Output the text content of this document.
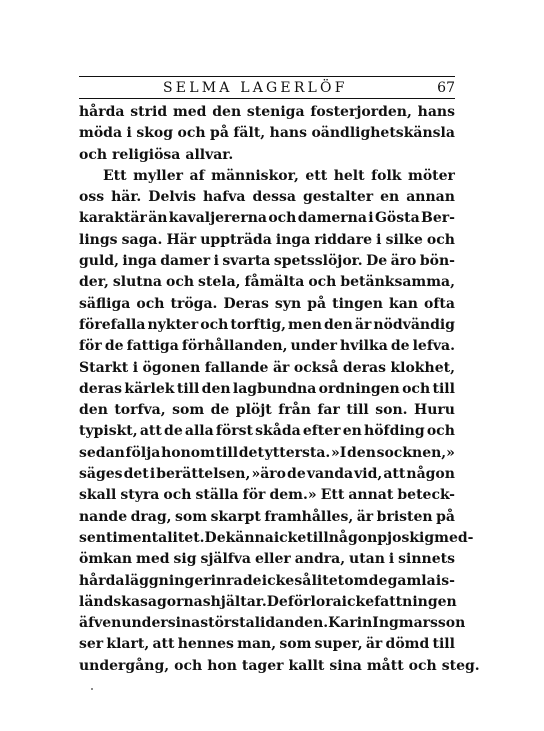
SELMA LAGERLÖF	67
hårda strid med den steniga fosterjorden, hans
möda i skog och på fält, hans oändlighetskänsla
och religiösa allvar.
Ett myller af människor, ett helt folk möter
oss här. Delvis hafva dessa gestalter en annan
karaktär än kavaljererna och damerna i Gösta Ber-
lings saga. Här uppträda inga riddare i silke och
guld, inga damer i svarta spetsslöjor. De äro bön-
der, slutna och stela, fåmälta och betänksamma,
säfliga och tröga. Deras syn på tingen kan ofta
förefalla nykter och torftig, men den är nödvändig
för de fattiga förhållanden, under hvilka de lefva.
Starkt i ögonen fallande är också deras klokhet,
deras kärlek till den lagbundna ordningen och till
den torfva, som de plöjt från far till son. Huru
typiskt, att de alla först skåda efter en höfding och
sedan följa honom till det yttersta. »I den socknen,»
säges det i berättelsen, »äro de vanda vid, att någon
skall styra och ställa för dem.» Ett annat beteck-
nande drag, som skarpt framhålles, är bristen på
sentimentalitet. De känna icke till någon pjoskig med-
ömkan med sig själfva eller andra, utan i sinnets
hårda läggning erinra de icke så litet om de gamla is-
ländska sagornas hjältar. De förlora icke fattningen
äfven under sina största lidanden. Karin Ingmarsson
ser klart, att hennes man, som super, är dömd till
undergång, och hon tager kallt sina mått och steg.
